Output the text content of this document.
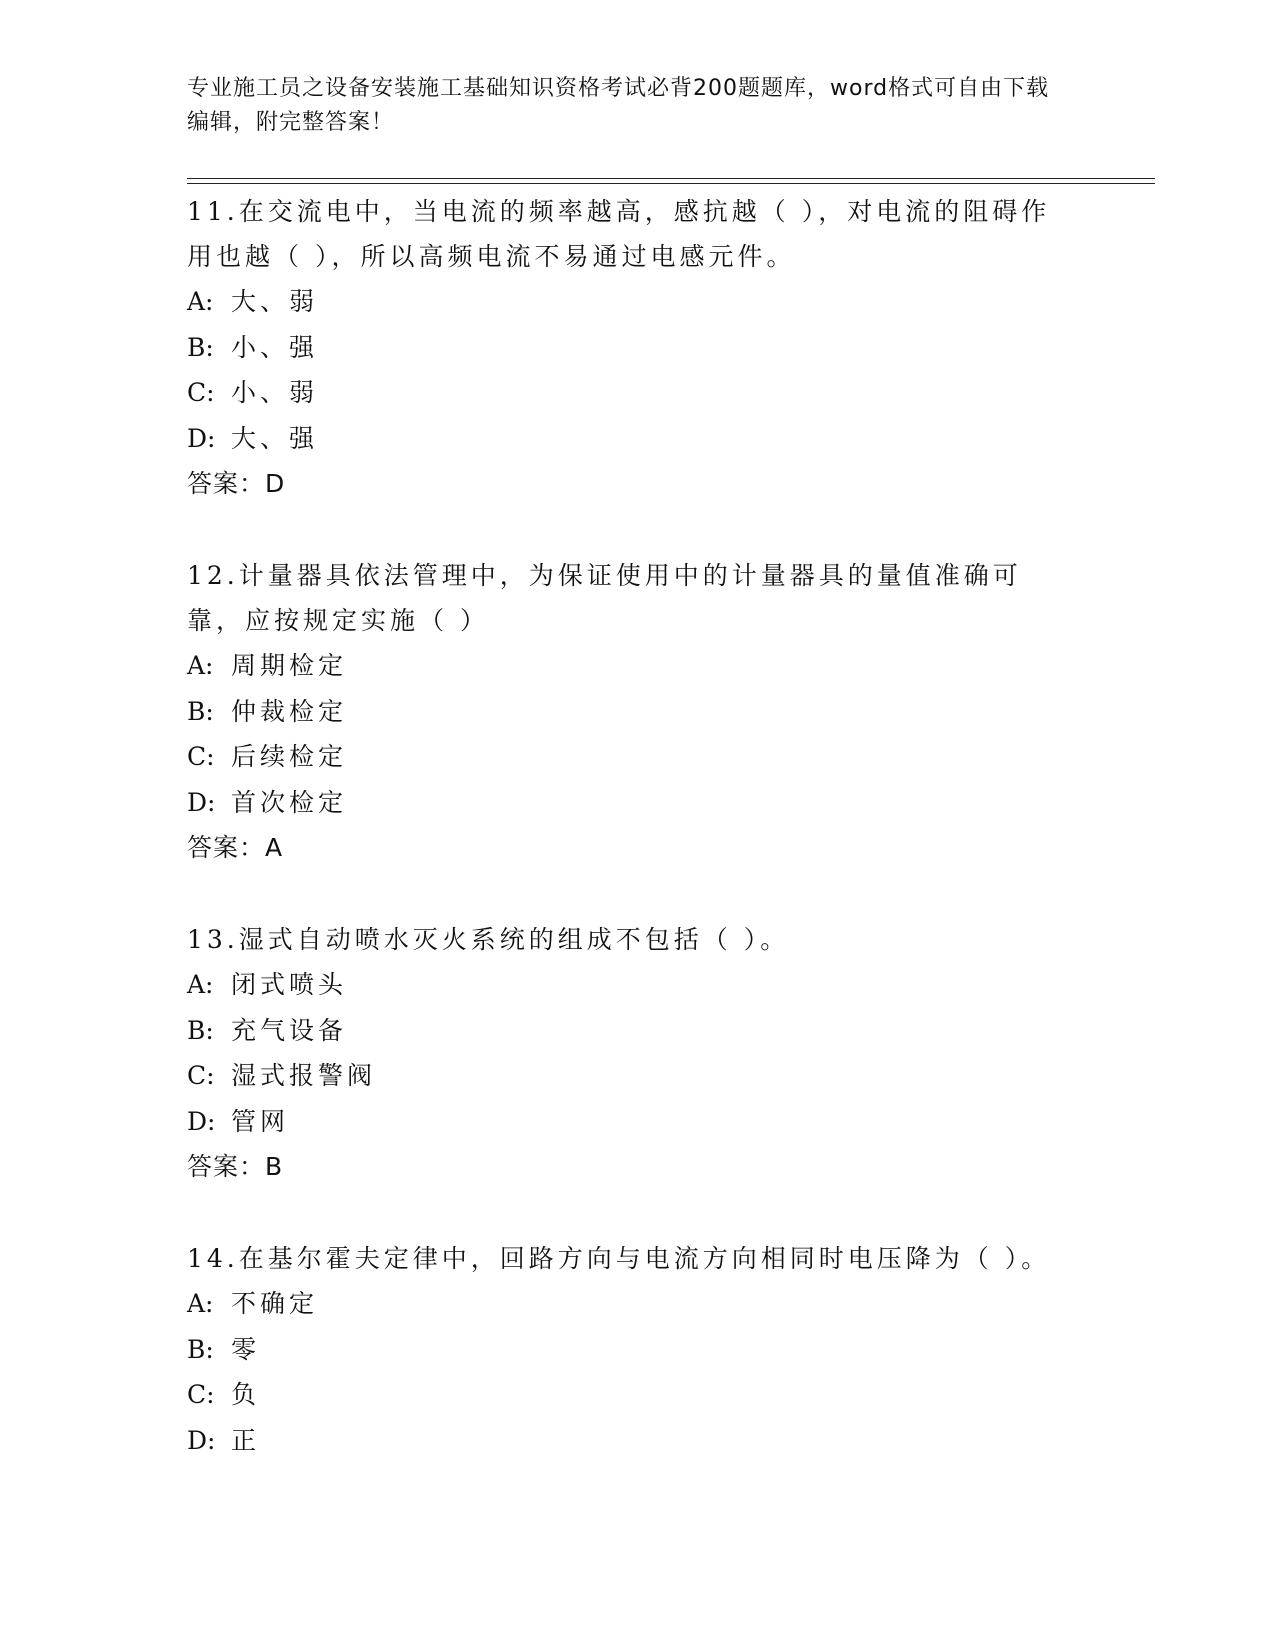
专业施工员之设备安装施工基础知识资格考试必背200题题库，word格式可自由下载编辑，附完整答案！

11.在交流电中，当电流的频率越高，感抗越（ ），对电流的阻碍作用也越（ ），所以高频电流不易通过电感元件。

A: 大、弱
B: 小、强
C: 小、弱
D: 大、强
答案：D

12.计量器具依法管理中，为保证使用中的计量器具的量值准确可靠，应按规定实施（ ）

A: 周期检定
B: 仲裁检定
C: 后续检定
D: 首次检定
答案：A

13.湿式自动喷水灭火系统的组成不包括（ ）。

A: 闭式喷头
B: 充气设备
C: 湿式报警阀
D: 管网
答案：B

14.在基尔霍夫定律中，回路方向与电流方向相同时电压降为（ ）。

A: 不确定
B: 零
C: 负
D: 正
